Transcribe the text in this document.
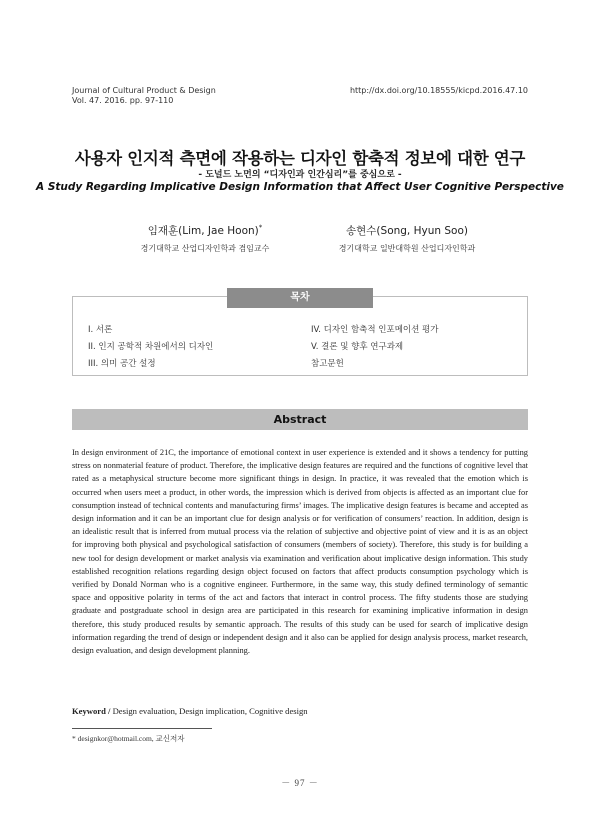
Journal of Cultural Product & Design
Vol. 47. 2016. pp. 97-110
http://dx.doi.org/10.18555/kicpd.2016.47.10
사용자 인지적 측면에 작용하는 디자인 함축적 정보에 대한 연구
- 도널드 노먼의 “디자인과 인간심리”를 중심으로 -
A Study Regarding Implicative Design Information that Affect User Cognitive Perspective
임재훈(Lim, Jae Hoon)*
경기대학교 산업디자인학과 겸임교수
송현수(Song, Hyun Soo)
경기대학교 일반대학원 산업디자인학과
목차
I. 서론
II. 인지 공학적 차원에서의 디자인
III. 의미 공간 설정
IV. 디자인 함축적 인포메이션 평가
V. 결론 및 향후 연구과제
참고문헌
Abstract
In design environment of 21C, the importance of emotional context in user experience is extended and it shows a tendency for putting stress on nonmaterial feature of product. Therefore, the implicative design features are required and the functions of cognitive level that rated as a metaphysical structure become more significant things in design. In practice, it was revealed that the emotion which is occurred when users meet a product, in other words, the impression which is derived from objects is affected as an important clue for consumption instead of technical contents and manufacturing firms’ images. The implicative design features is became and accepted as design information and it can be an important clue for design analysis or for verification of consumers’ reaction. In addition, design is an idealistic result that is inferred from mutual process via the relation of subjective and objective point of view and it is as an object for improving both physical and psychological satisfaction of consumers (members of society). Therefore, this study is for building a new tool for design development or market analysis via examination and verification about implicative design information. This study established recognition relations regarding design object focused on factors that affect products consumption psychology which is verified by Donald Norman who is a cognitive engineer. Furthermore, in the same way, this study defined terminology of semantic space and oppositive polarity in terms of the act and factors that interact in control process. The fifty students those are studying graduate and postgraduate school in design area are participated in this research for examining implicative information in design therefore, this study produced results by semantic approach. The results of this study can be used for search of implicative design information regarding the trend of design or independent design and it also can be applied for design analysis process, market research, design evaluation, and design development planning.
Keyword / Design evaluation, Design implication, Cognitive design
* designkor@hotmail.com, 교신저자
－ 97 －
